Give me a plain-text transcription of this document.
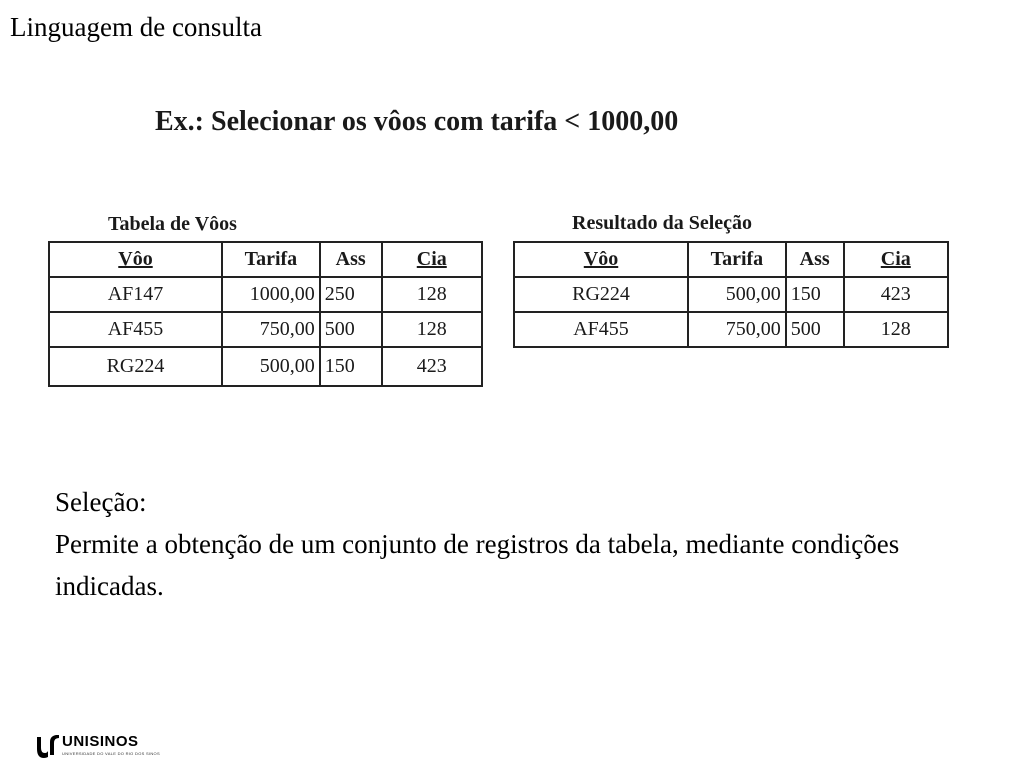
Linguagem de consulta
Ex.: Selecionar os vôos com tarifa < 1000,00
Tabela de Vôos
Vôo	Tarifa	Ass	Cia
AF147	1000,00	250	128
AF455	750,00	500	128
RG224	500,00	150	423
Resultado da Seleção
Vôo	Tarifa	Ass	Cia
RG224	500,00	150	423
AF455	750,00	500	128
Seleção:
Permite a obtenção de um conjunto de registros da tabela, mediante condições indicadas.
UNISINOS
UNIVERSIDADE DO VALE DO RIO DOS SINOS
